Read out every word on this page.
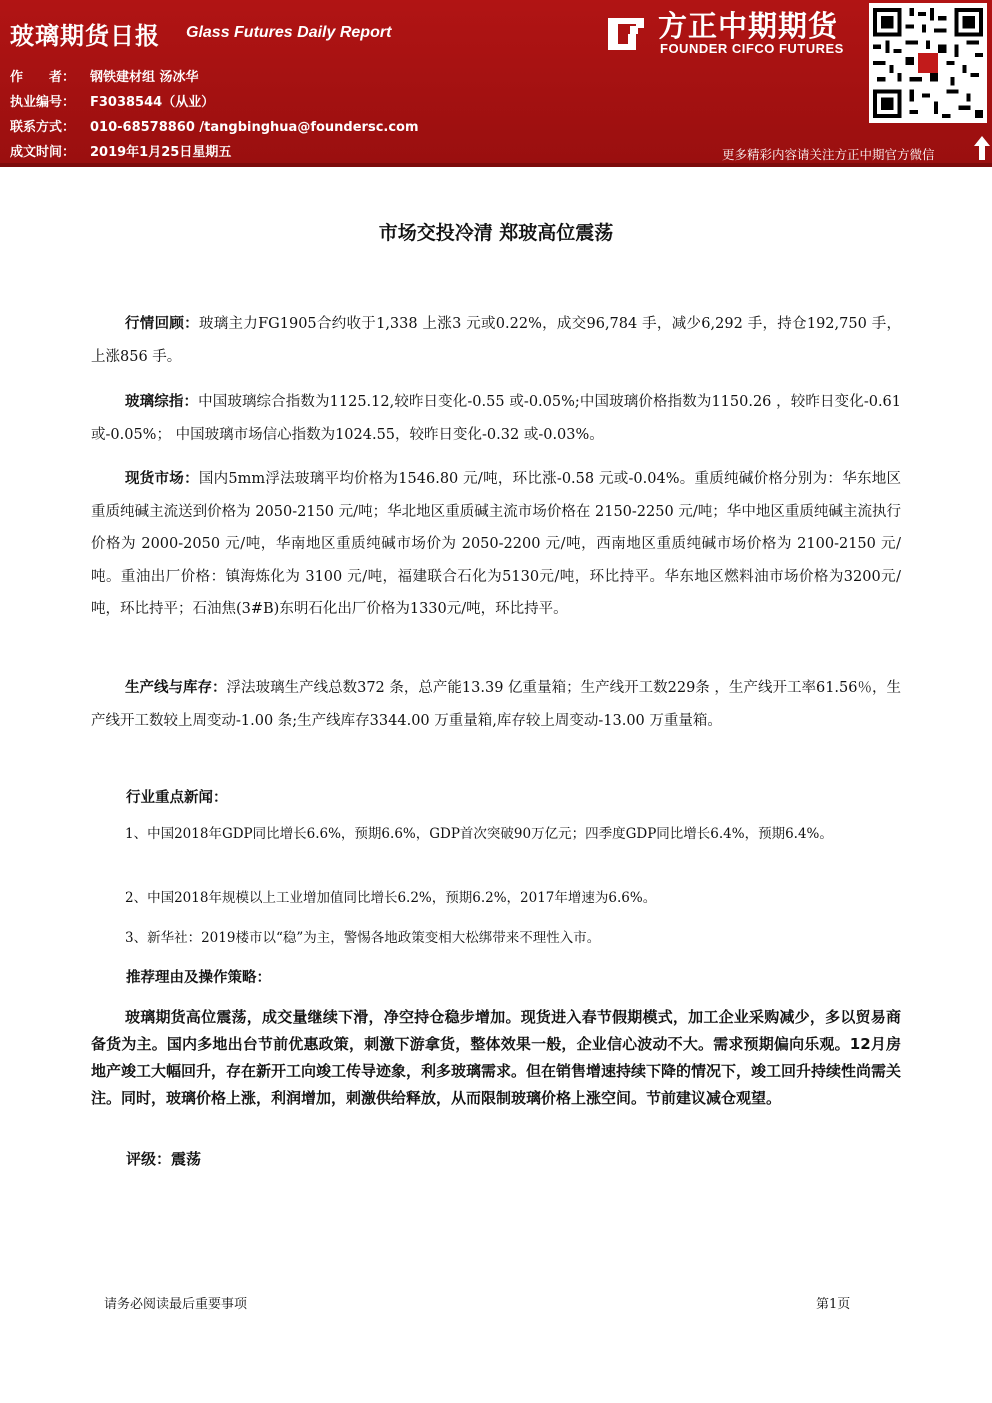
玻璃期货日报 Glass Futures Daily Report
作　　者： 钢铁建材组 汤冰华
执业编号： F3038544（从业）
联系方式： 010-68578860 /tangbinghua@foundersc.com
成文时间： 2019年1月25日星期五
方正中期期货
FOUNDER CIFCO FUTURES
更多精彩内容请关注方正中期官方微信
市场交投冷清 郑玻高位震荡
行情回顾：玻璃主力FG1905合约收于1,338 上涨3 元或0.22%，成交96,784 手，减少6,292 手，持仓192,750 手，上涨856 手。
玻璃综指：中国玻璃综合指数为1125.12,较昨日变化-0.55 或-0.05%;中国玻璃价格指数为1150.26 ，较昨日变化-0.61 或-0.05%； 中国玻璃市场信心指数为1024.55，较昨日变化-0.32 或-0.03%。
现货市场：国内5mm浮法玻璃平均价格为1546.80 元/吨，环比涨-0.58 元或-0.04%。重质纯碱价格分别为：华东地区重质纯碱主流送到价格为 2050-2150 元/吨；华北地区重质碱主流市场价格在 2150-2250 元/吨；华中地区重质纯碱主流执行价格为 2000-2050 元/吨，华南地区重质纯碱市场价为 2050-2200 元/吨，西南地区重质纯碱市场价格为 2100-2150 元/吨。重油出厂价格：镇海炼化为 3100 元/吨，福建联合石化为5130元/吨，环比持平。华东地区燃料油市场价格为3200元/吨，环比持平；石油焦(3#B)东明石化出厂价格为1330元/吨，环比持平。
生产线与库存：浮法玻璃生产线总数372 条，总产能13.39 亿重量箱；生产线开工数229条 ，生产线开工率61.56％，生产线开工数较上周变动-1.00 条;生产线库存3344.00 万重量箱,库存较上周变动-13.00 万重量箱。
行业重点新闻：
1、中国2018年GDP同比增长6.6%，预期6.6%，GDP首次突破90万亿元；四季度GDP同比增长6.4%，预期6.4%。
2、中国2018年规模以上工业增加值同比增长6.2%，预期6.2%，2017年增速为6.6%。
3、新华社：2019楼市以“稳”为主，警惕各地政策变相大松绑带来不理性入市。
推荐理由及操作策略：
玻璃期货高位震荡，成交量继续下滑，净空持仓稳步增加。现货进入春节假期模式，加工企业采购减少，多以贸易商备货为主。国内多地出台节前优惠政策，刺激下游拿货，整体效果一般，企业信心波动不大。需求预期偏向乐观。12月房地产竣工大幅回升，存在新开工向竣工传导迹象，利多玻璃需求。但在销售增速持续下降的情况下，竣工回升持续性尚需关注。同时，玻璃价格上涨，利润增加，刺激供给释放，从而限制玻璃价格上涨空间。节前建议减仓观望。
评级：震荡
请务必阅读最后重要事项	第1页
